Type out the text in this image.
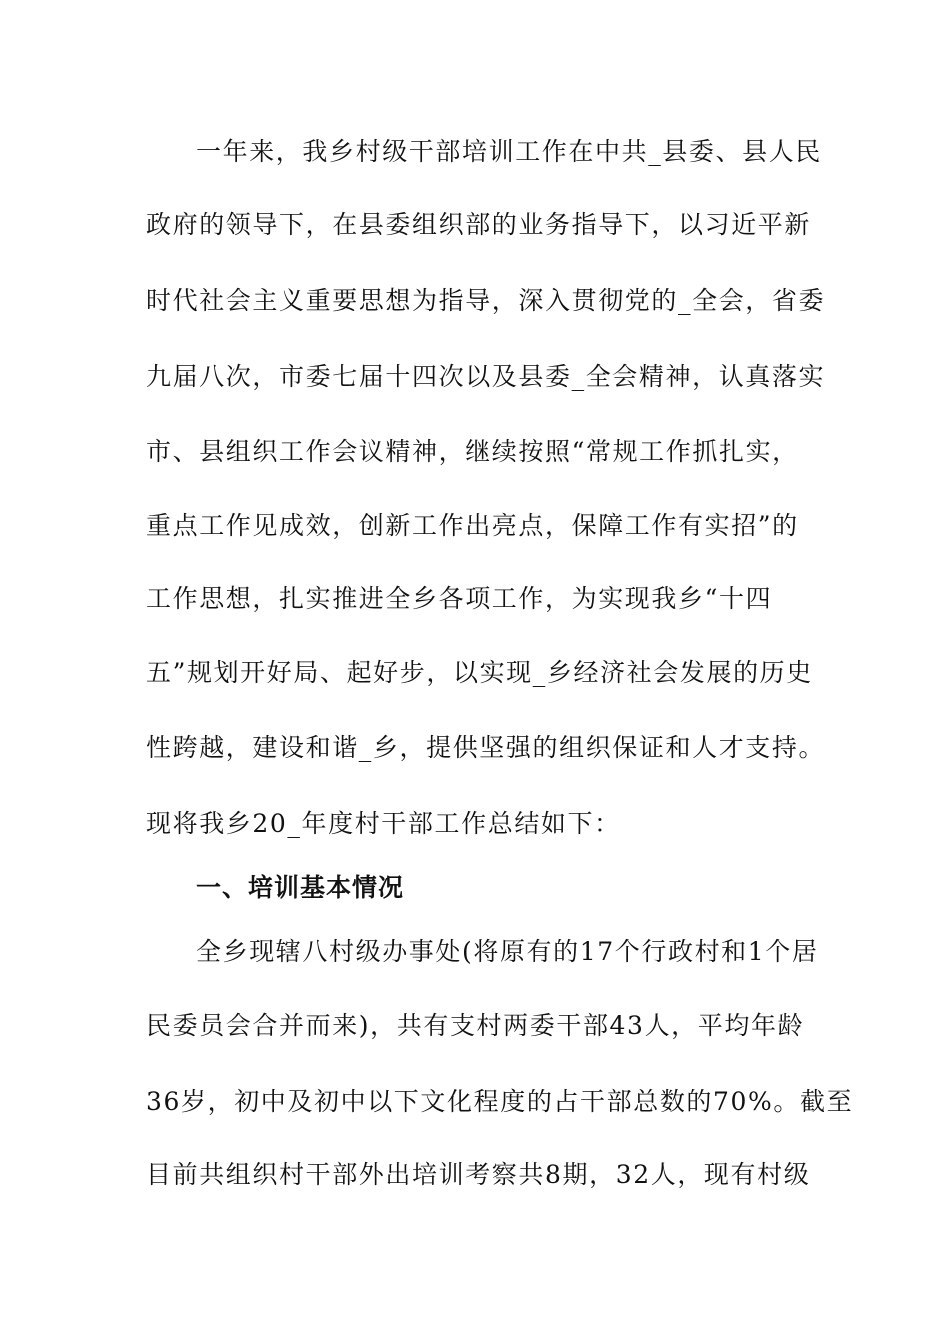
一年来，我乡村级干部培训工作在中共_县委、县人民
政府的领导下，在县委组织部的业务指导下，以习近平新
时代社会主义重要思想为指导，深入贯彻党的_全会，省委
九届八次，市委七届十四次以及县委_全会精神，认真落实
市、县组织工作会议精神，继续按照“常规工作抓扎实，
重点工作见成效，创新工作出亮点，保障工作有实招”的
工作思想，扎实推进全乡各项工作，为实现我乡“十四
五”规划开好局、起好步，以实现_乡经济社会发展的历史
性跨越，建设和谐_乡，提供坚强的组织保证和人才支持。
现将我乡20_年度村干部工作总结如下：
一、培训基本情况
全乡现辖八村级办事处(将原有的17个行政村和1个居
民委员会合并而来)，共有支村两委干部43人，平均年龄
36岁，初中及初中以下文化程度的占干部总数的70%。截至
目前共组织村干部外出培训考察共8期，32人，现有村级
